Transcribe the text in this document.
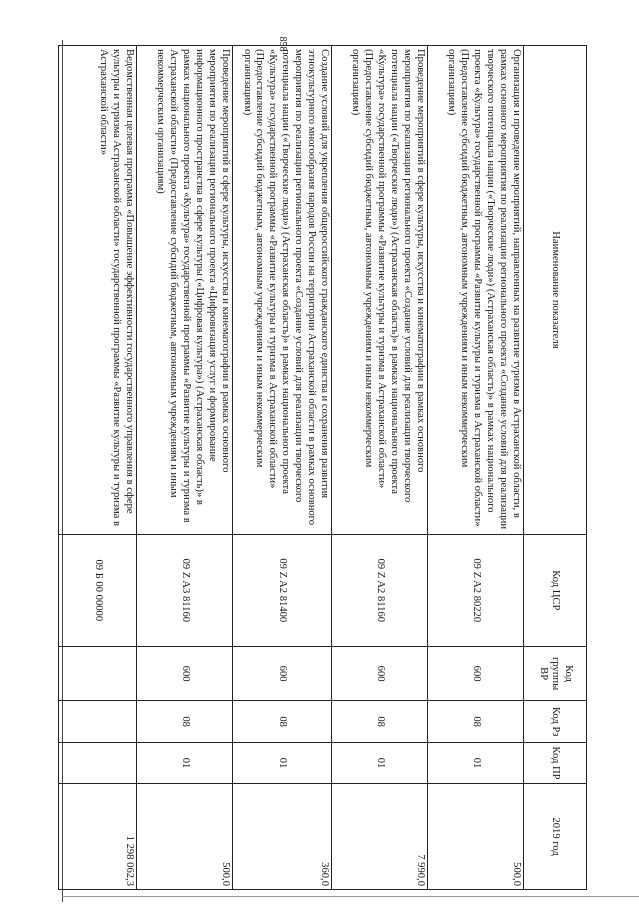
858
Наименование показателя	Код ЦСР	Код группы ВР	Код Рз	Код ПР	2019 год
Организация и проведение мероприятий, направленных на развитие туризма в Астраханской области, в рамках основного мероприятия по реализации регионального проекта «Создание условий для реализации творческого потенциала нации («Творческие люди») (Астраханская область)» в рамках национального проекта «Культура» государственной программы «Развитие культуры и туризма в Астраханской области» (Предоставление субсидий бюджетным, автономным учреждениям и иным некоммерческим организациям)	09 Z A2 80220	600	08	01	500,0
Проведение мероприятий в сфере культуры, искусства и кинематографии в рамках основного мероприятия по реализации регионального проекта «Создание условий для реализации творческого потенциала нации («Творческие люди») (Астраханская область)» в рамках национального проекта «Культура» государственной программы «Развитие культуры и туризма в Астраханской области» (Предоставление субсидий бюджетным, автономным учреждениям и иным некоммерческим организациям)	09 Z A2 81160	600	08	01	7 990,0
Создание условий для укрепления общероссийского гражданского единства и сохранения развития этнокультурного многообразия народов России на территории Астраханской области в рамках основного мероприятия по реализации регионального проекта «Создание условий для реализации творческого потенциала нации («Творческие люди») (Астраханская область)» в рамках национального проекта «Культура» государственной программы «Развитие культуры и туризма в Астраханской области» (Предоставление субсидий бюджетным, автономным учреждениям и иным некоммерческим организациям)	09 Z A2 81400	600	08	01	360,0
Проведение мероприятий в сфере культуры, искусства и кинематографии в рамках основного мероприятия по реализации регионального проекта «Цифровизация услуг и формирование информационного пространства в сфере культуры («Цифровая культура») (Астраханская область)» в рамках национального проекта «Культура» государственной программы «Развитие культуры и туризма в Астраханской области» (Предоставление субсидий бюджетным, автономным учреждениям и иным некоммерческим организациям)	09 Z A3 81160	600	08	01	500,0
Ведомственная целевая программа «Повышение эффективности государственного управления в сфере культуры и туризма Астраханской области» государственной программы «Развитие культуры и туризма в Астраханской области»	09 Б 00 00000				1 298 062,3
